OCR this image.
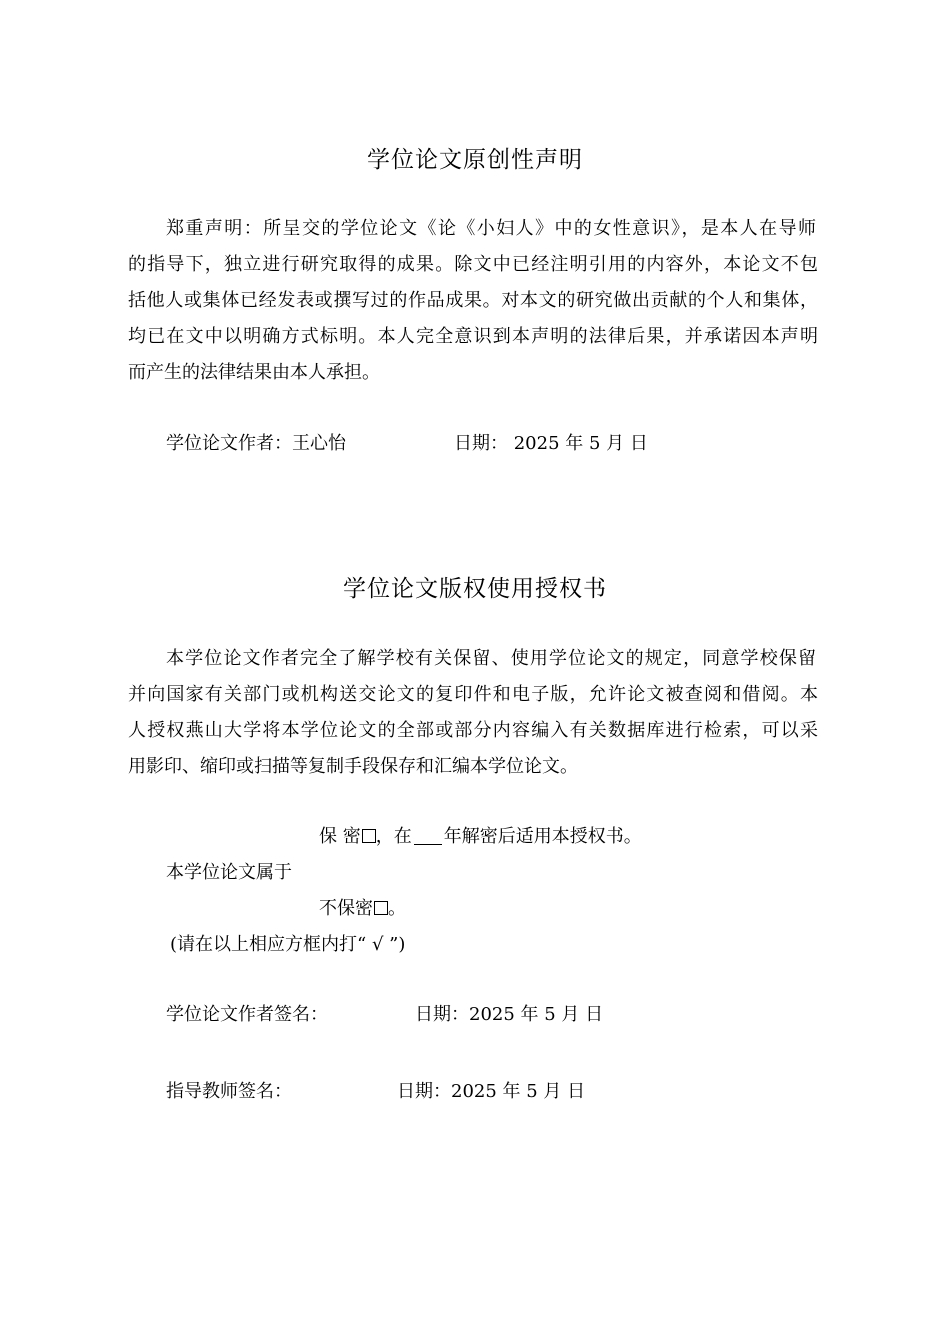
学位论文原创性声明
郑重声明：所呈交的学位论文《论《小妇人》中的女性意识》，是本人在导师
的指导下，独立进行研究取得的成果。除文中已经注明引用的内容外，本论文不包
括他人或集体已经发表或撰写过的作品成果。对本文的研究做出贡献的个人和集体，
均已在文中以明确方式标明。本人完全意识到本声明的法律后果，并承诺因本声明
而产生的法律结果由本人承担。
学位论文作者：王心怡	日期： 2025 年 5 月 日
学位论文版权使用授权书
本学位论文作者完全了解学校有关保留、使用学位论文的规定，同意学校保留
并向国家有关部门或机构送交论文的复印件和电子版，允许论文被查阅和借阅。本
人授权燕山大学将本学位论文的全部或部分内容编入有关数据库进行检索，可以采
用影印、缩印或扫描等复制手段保存和汇编本学位论文。
保 密 ，在 年解密后适用本授权书。
本学位论文属于
不保密 。
(请在以上相应方框内打“ √ ”)
学位论文作者签名：	日期：2025 年 5 月 日
指导教师签名：	日期：2025 年 5 月 日
